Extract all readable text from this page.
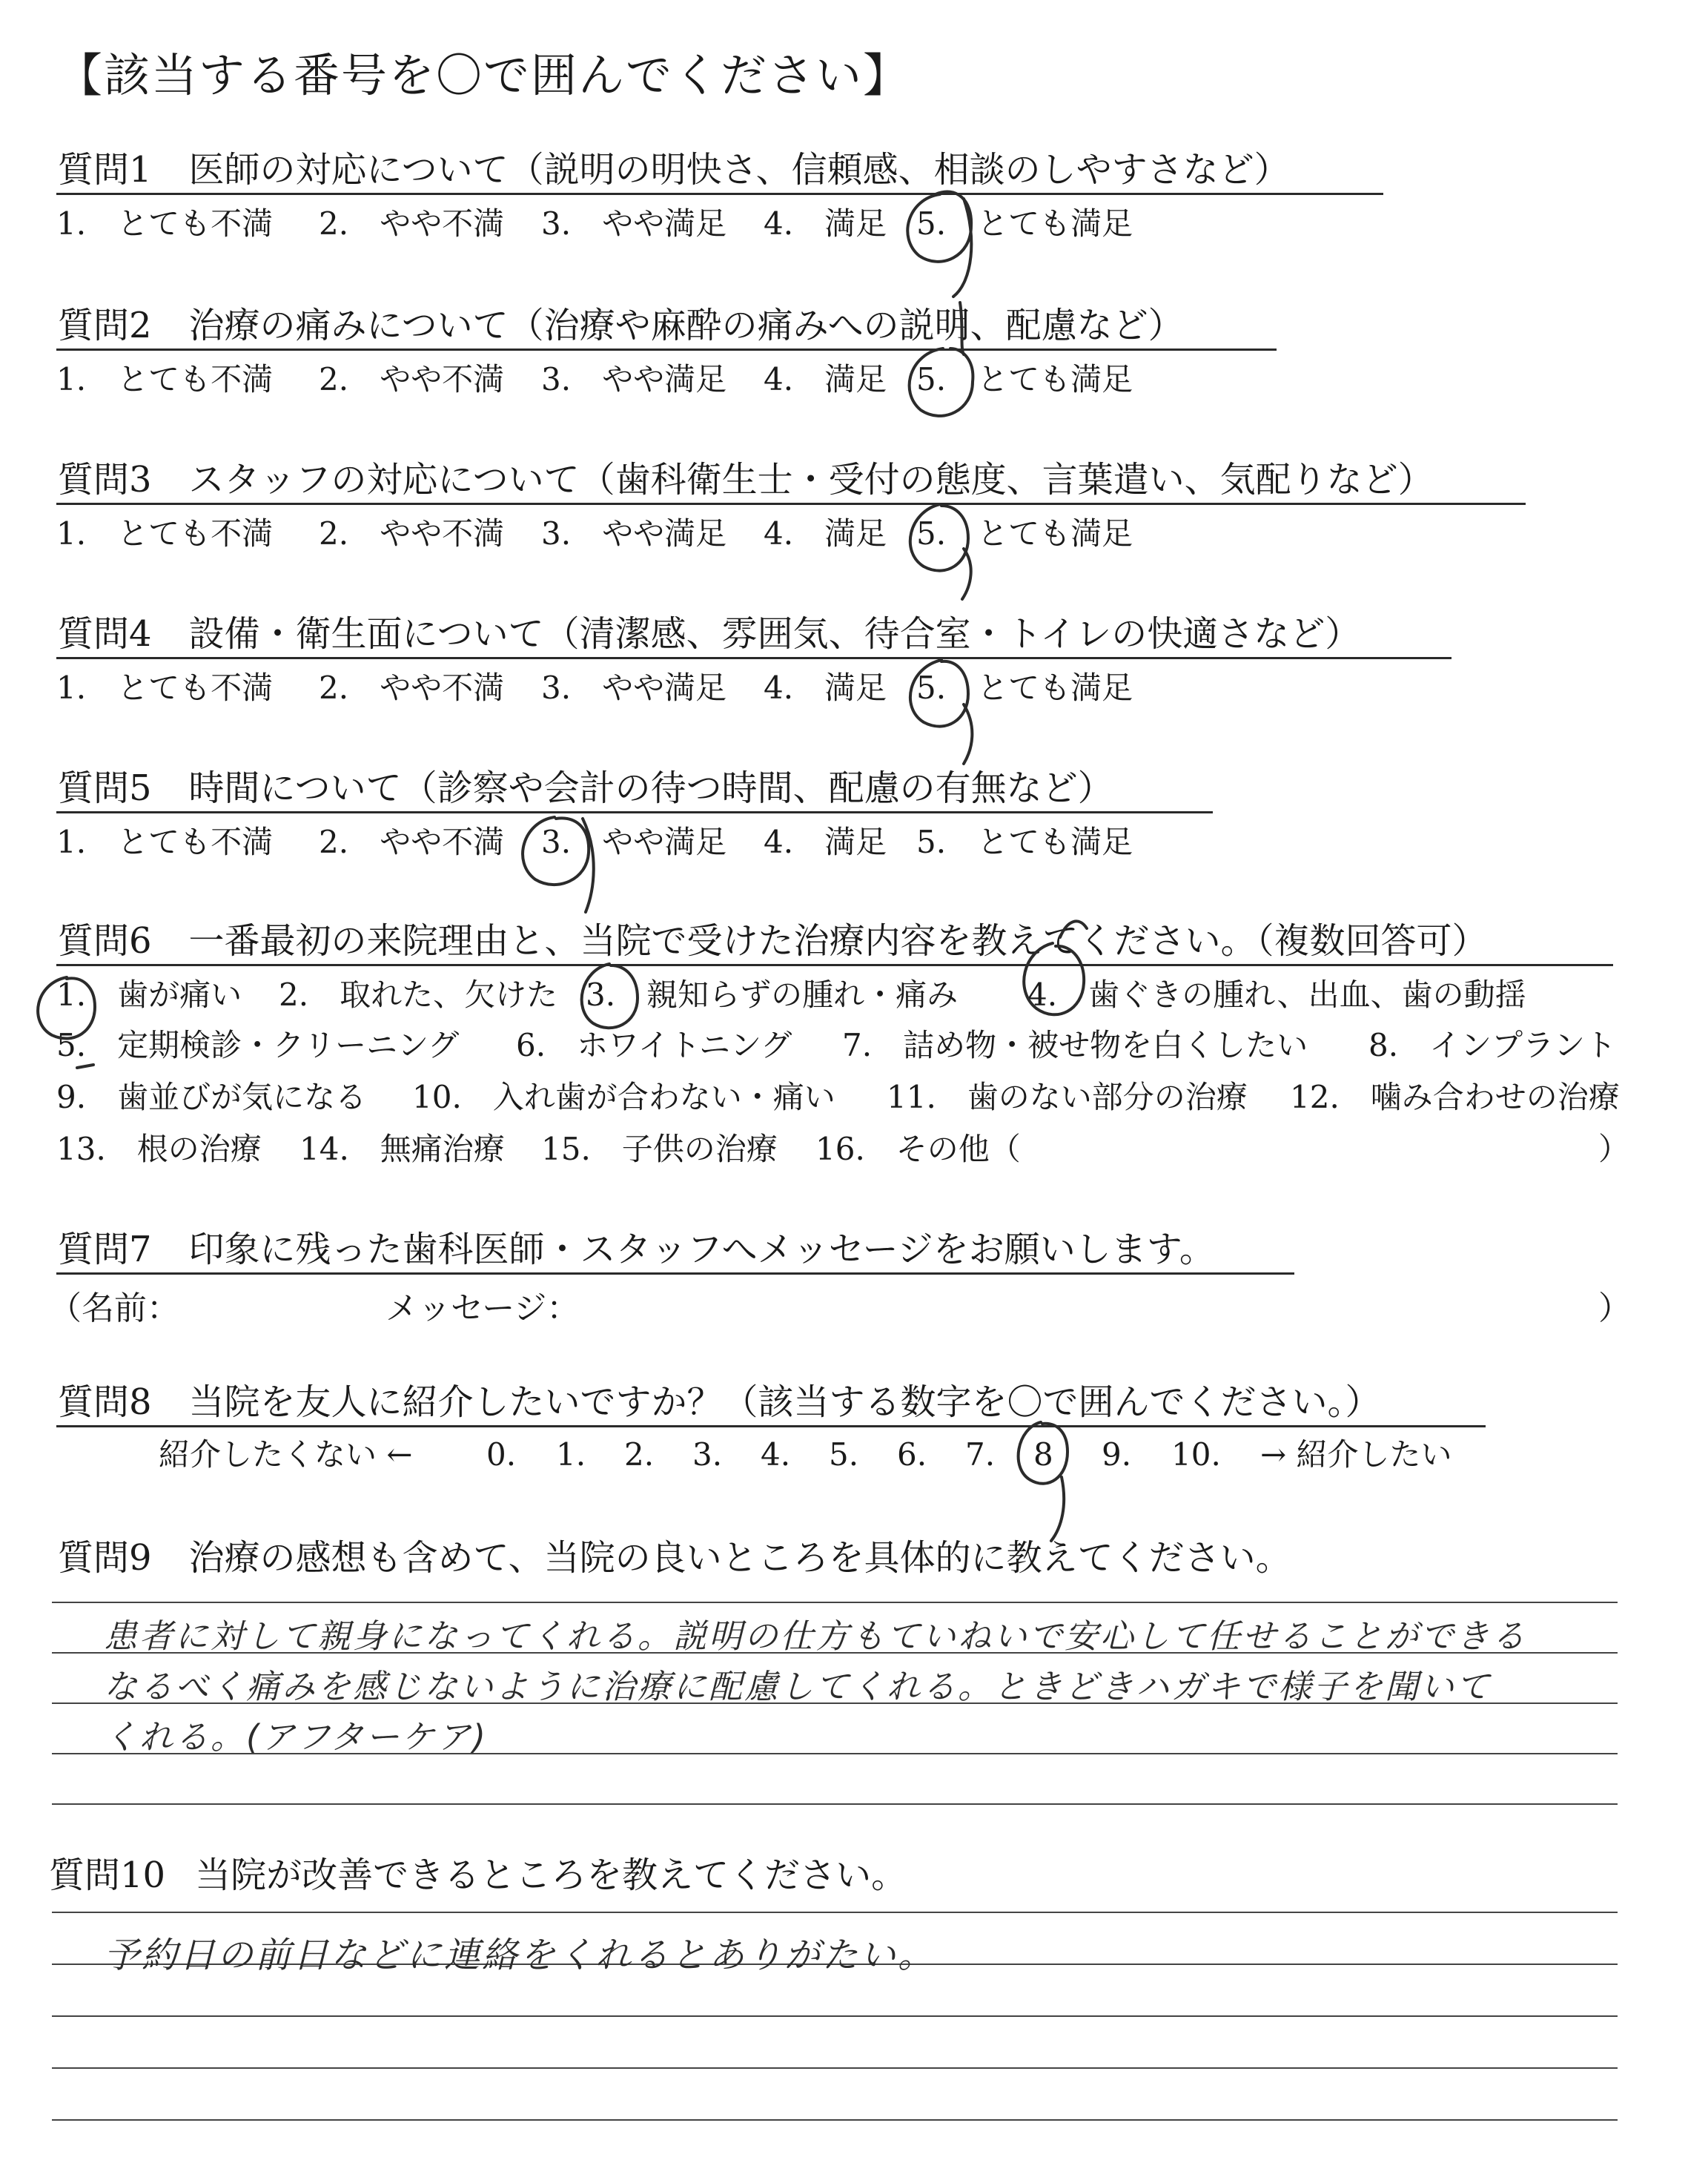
【該当する番号を〇で囲んでください】
質問1 医師の対応について（説明の明快さ、信頼感、相談のしやすさなど）
1.　とても不満 2.　やや不満 3.　やや満足 4.　満足 5.　とても満足
質問2 治療の痛みについて（治療や麻酔の痛みへの説明、配慮など）
1.　とても不満 2.　やや不満 3.　やや満足 4.　満足 5.　とても満足
質問3 スタッフの対応について（歯科衛生士・受付の態度、言葉遣い、気配りなど）
1.　とても不満 2.　やや不満 3.　やや満足 4.　満足 5.　とても満足
質問4 設備・衛生面について（清潔感、雰囲気、待合室・トイレの快適さなど）
1.　とても不満 2.　やや不満 3.　やや満足 4.　満足 5.　とても満足
質問5 時間について（診察や会計の待つ時間、配慮の有無など）
1.　とても不満 2.　やや不満 3.　やや満足 4.　満足 5.　とても満足
質問6 一番最初の来院理由と、当院で受けた治療内容を教えてください。（複数回答可）
1.　歯が痛い 2.　取れた、欠けた 3.　親知らずの腫れ・痛み 4.　歯ぐきの腫れ、出血、歯の動揺
5.　定期検診・クリーニング 6.　ホワイトニング 7.　詰め物・被せ物を白くしたい 8.　インプラント
9.　歯並びが気になる 10.　入れ歯が合わない・痛い 11.　歯のない部分の治療 12.　噛み合わせの治療
13.　根の治療 14.　無痛治療 15.　子供の治療 16.　その他（	）
質問7 印象に残った歯科医師・スタッフへメッセージをお願いします。
（名前：	メッセージ：	）
質問8 当院を友人に紹介したいですか？（該当する数字を〇で囲んでください。）
紹介したくない ← 0. 1. 2. 3. 4. 5. 6. 7. 8 9. 10. → 紹介したい
質問9 治療の感想も含めて、当院の良いところを具体的に教えてください。
患者に対して親身になってくれる。説明の仕方もていねいで安心して任せることができる
なるべく痛みを感じないように治療に配慮してくれる。ときどきハガキで様子を聞いて
くれる。(アフターケア)
質問10 当院が改善できるところを教えてください。
予約日の前日などに連絡をくれるとありがたい。
